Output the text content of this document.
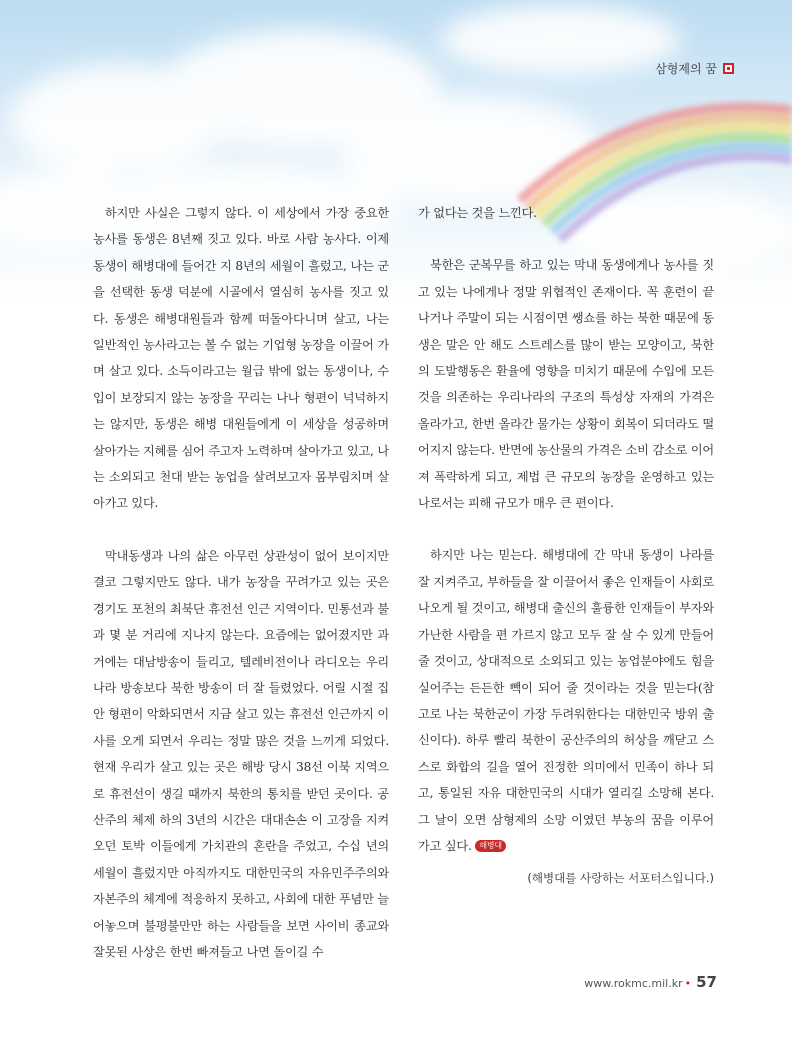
삼형제의 꿈

하지만 사실은 그렇지 않다. 이 세상에서 가장 중요한 농사를 동생은 8년째 짓고 있다. 바로 사람 농사다. 이제 동생이 해병대에 들어간 지 8년의 세월이 흘렀고, 나는 군을 선택한 동생 덕분에 시골에서 열심히 농사를 짓고 있다. 동생은 해병대원들과 함께 떠돌아다니며 살고, 나는 일반적인 농사라고는 볼 수 없는 기업형 농장을 이끌어 가며 살고 있다. 소득이라고는 월급 밖에 없는 동생이나, 수입이 보장되지 않는 농장을 꾸리는 나나 형편이 넉넉하지는 않지만, 동생은 해병 대원들에게 이 세상을 성공하며 살아가는 지혜를 심어 주고자 노력하며 살아가고 있고, 나는 소외되고 천대 받는 농업을 살려보고자 몸부림치며 살아가고 있다.

막내동생과 나의 삶은 아무런 상관성이 없어 보이지만 결코 그렇지만도 않다. 내가 농장을 꾸려가고 있는 곳은 경기도 포천의 최북단 휴전선 인근 지역이다. 민통선과 불과 몇 분 거리에 지나지 않는다. 요즘에는 없어졌지만 과거에는 대남방송이 들리고, 텔레비전이나 라디오는 우리나라 방송보다 북한 방송이 더 잘 들렸었다. 어릴 시절 집안 형편이 악화되면서 지금 살고 있는 휴전선 인근까지 이사를 오게 되면서 우리는 정말 많은 것을 느끼게 되었다. 현재 우리가 살고 있는 곳은 해방 당시 38선 이북 지역으로 휴전선이 생길 때까지 북한의 통치를 받던 곳이다. 공산주의 체제 하의 3년의 시간은 대대손손 이 고장을 지켜오던 토박 이들에게 가치관의 혼란을 주었고, 수십 년의 세월이 흘렀지만 아직까지도 대한민국의 자유민주주의와 자본주의 체계에 적응하지 못하고, 사회에 대한 푸념만 늘어놓으며 불평불만만 하는 사람들을 보면 사이비 종교와 잘못된 사상은 한번 빠져들고 나면 돌이길 수

가 없다는 것을 느낀다.

북한은 군복무를 하고 있는 막내 동생에게나 농사를 짓고 있는 나에게나 정말 위협적인 존재이다. 꼭 훈련이 끝나거나 주말이 되는 시점이면 쌩쇼를 하는 북한 때문에 동생은 말은 안 해도 스트레스를 많이 받는 모양이고, 북한의 도발행동은 환율에 영향을 미치기 때문에 수입에 모든 것을 의존하는 우리나라의 구조의 특성상 자재의 가격은 올라가고, 한번 올라간 물가는 상황이 회복이 되더라도 떨어지지 않는다. 반면에 농산물의 가격은 소비 감소로 이어져 폭락하게 되고, 제법 큰 규모의 농장을 운영하고 있는 나로서는 피해 규모가 매우 큰 편이다.

하지만 나는 믿는다. 해병대에 간 막내 동생이 나라를 잘 지켜주고, 부하들을 잘 이끌어서 좋은 인재들이 사회로 나오게 될 것이고, 해병대 출신의 훌륭한 인재들이 부자와 가난한 사람을 편 가르지 않고 모두 잘 살 수 있게 만들어 줄 것이고, 상대적으로 소외되고 있는 농업분야에도 힘을 실어주는 든든한 빽이 되어 줄 것이라는 것을 믿는다(참고로 나는 북한군이 가장 두려워한다는 대한민국 방위 출신이다). 하루 빨리 북한이 공산주의의 허상을 깨닫고 스스로 화합의 길을 열어 진정한 의미에서 민족이 하나 되고, 통일된 자유 대한민국의 시대가 열리길 소망해 본다. 그 날이 오면 삼형제의 소망 이였던 부농의 꿈을 이루어 가고 싶다. 해병대

(해병대를 사랑하는 서포터스입니다.)
www.rokmc.mil.kr • 57
